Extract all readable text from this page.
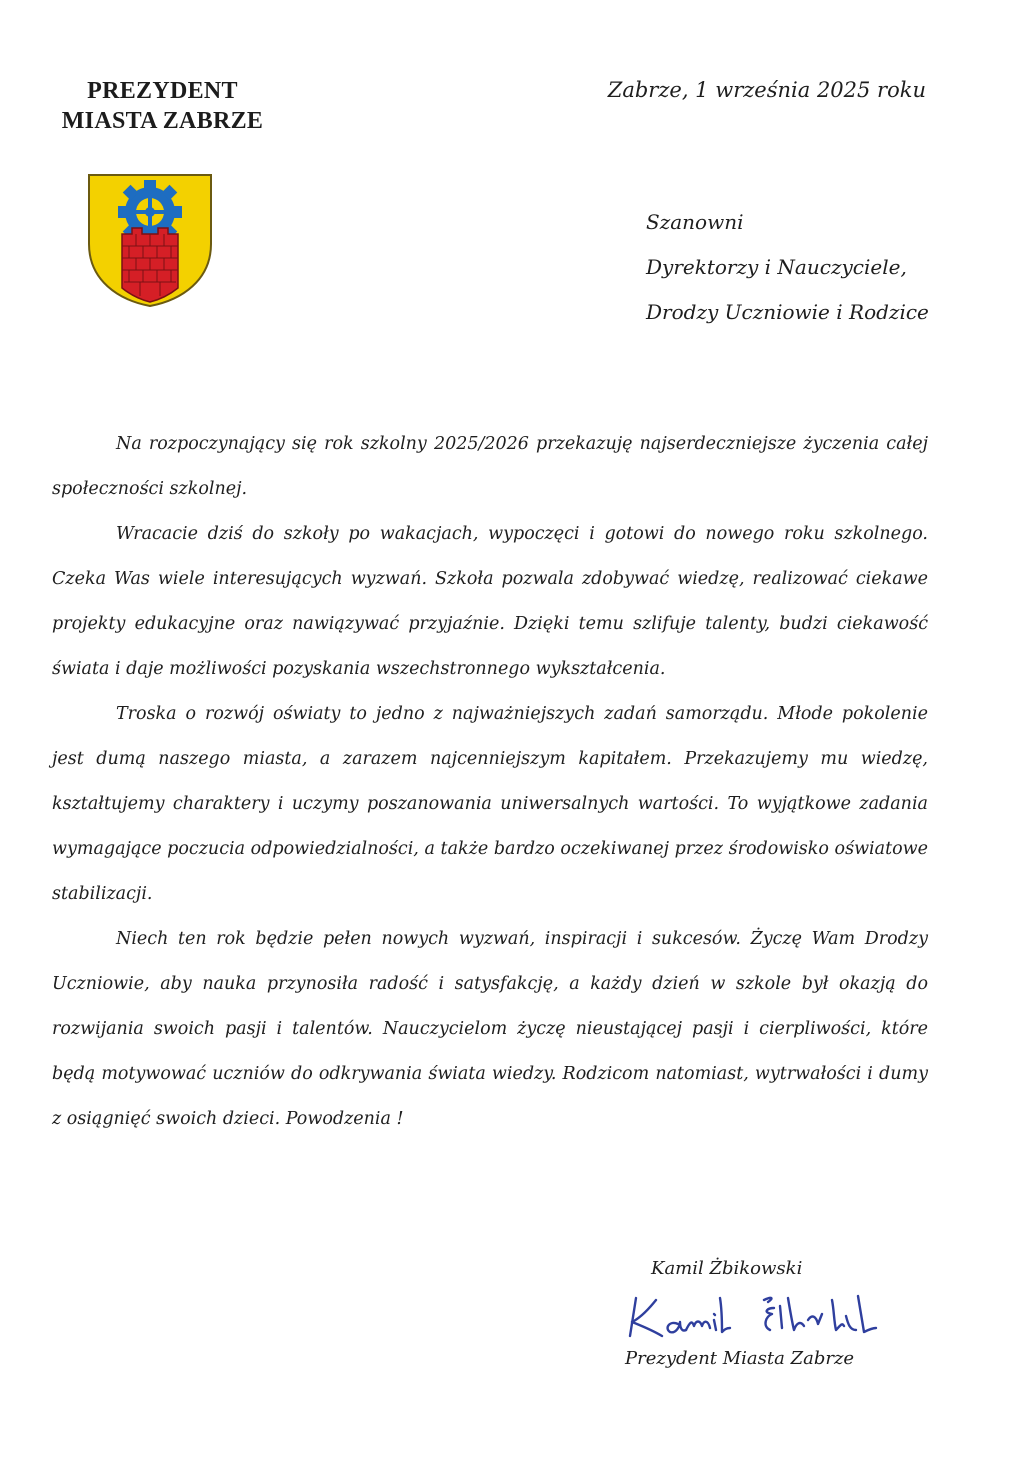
PREZYDENT
MIASTA ZABRZE
Zabrze, 1 września 2025 roku
Szanowni
Dyrektorzy i Nauczyciele,
Drodzy Uczniowie i Rodzice

Na rozpoczynający się rok szkolny 2025/2026 przekazuję najserdeczniejsze życzenia całej społeczności szkolnej.

Wracacie dziś do szkoły po wakacjach, wypoczęci i gotowi do nowego roku szkolnego. Czeka Was wiele interesujących wyzwań. Szkoła pozwala zdobywać wiedzę, realizować ciekawe projekty edukacyjne oraz nawiązywać przyjaźnie. Dzięki temu szlifuje talenty, budzi ciekawość świata i daje możliwości pozyskania wszechstronnego wykształcenia.

Troska o rozwój oświaty to jedno z najważniejszych zadań samorządu. Młode pokolenie jest dumą naszego miasta, a zarazem najcenniejszym kapitałem. Przekazujemy mu wiedzę, kształtujemy charaktery i uczymy poszanowania uniwersalnych wartości. To wyjątkowe zadania wymagające poczucia odpowiedzialności, a także bardzo oczekiwanej przez środowisko oświatowe stabilizacji.

Niech ten rok będzie pełen nowych wyzwań, inspiracji i sukcesów. Życzę Wam Drodzy Uczniowie, aby nauka przynosiła radość i satysfakcję, a każdy dzień w szkole był okazją do rozwijania swoich pasji i talentów. Nauczycielom życzę nieustającej pasji i cierpliwości, które będą motywować uczniów do odkrywania świata wiedzy. Rodzicom natomiast, wytrwałości i dumy z osiągnięć swoich dzieci. Powodzenia !

Kamil Żbikowski
Prezydent Miasta Zabrze
